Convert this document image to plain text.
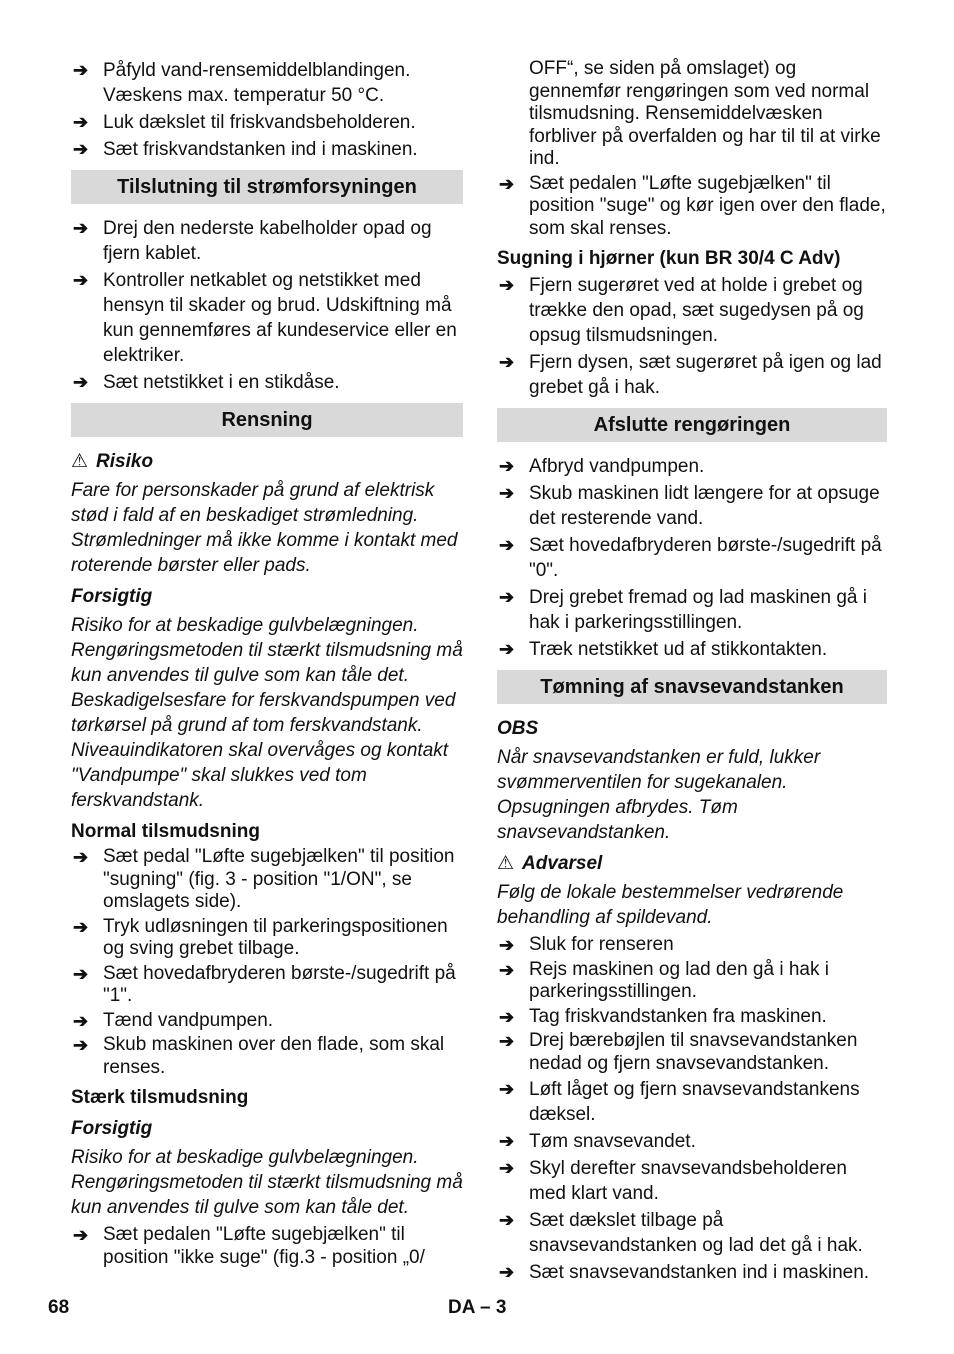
➔ Påfyld vand-rensemiddelblandingen. Væskens max. temperatur 50 °C.
➔ Luk dækslet til friskvandsbeholderen.
➔ Sæt friskvandstanken ind i maskinen.
Tilslutning til strømforsyningen
➔ Drej den nederste kabelholder opad og fjern kablet.
➔ Kontroller netkablet og netstikket med hensyn til skader og brud. Udskiftning må kun gennemføres af kundeservice eller en elektriker.
➔ Sæt netstikket i en stikdåse.
Rensning
⚠ Risiko

Fare for personskader på grund af elektrisk stød i fald af en beskadiget strømledning. Strømledninger må ikke komme i kontakt med roterende børster eller pads.

Forsigtig

Risiko for at beskadige gulvbelægningen. Rengøringsmetoden til stærkt tilsmudsning må kun anvendes til gulve som kan tåle det. Beskadigelsesfare for ferskvandspumpen ved tørkørsel på grund af tom ferskvandstank. Niveauindikatoren skal overvåges og kontakt "Vandpumpe" skal slukkes ved tom ferskvandstank.

Normal tilsmudsning
➔ Sæt pedal "Løfte sugebjælken" til position "sugning" (fig. 3 - position "1/ON", se omslagets side).
➔ Tryk udløsningen til parkeringspositionen og sving grebet tilbage.
➔ Sæt hovedafbryderen børste-/sugedrift på "1".
➔ Tænd vandpumpen.
➔ Skub maskinen over den flade, som skal renses.
Stærk tilsmudsning
Forsigtig

Risiko for at beskadige gulvbelægningen. Rengøringsmetoden til stærkt tilsmudsning må kun anvendes til gulve som kan tåle det.

➔ Sæt pedalen "Løfte sugebjælken" til position "ikke suge" (fig.3 - position „0/
OFF“, se siden på omslaget) og gennemfør rengøringen som ved normal tilsmudsning. Rensemiddelvæsken forbliver på overfalden og har til til at virke ind.
➔ Sæt pedalen "Løfte sugebjælken" til position "suge" og kør igen over den flade, som skal renses.
Sugning i hjørner (kun BR 30/4 C Adv)
➔ Fjern sugerøret ved at holde i grebet og trække den opad, sæt sugedysen på og opsug tilsmudsningen.
➔ Fjern dysen, sæt sugerøret på igen og lad grebet gå i hak.
Afslutte rengøringen
➔ Afbryd vandpumpen.
➔ Skub maskinen lidt længere for at opsuge det resterende vand.
➔ Sæt hovedafbryderen børste-/sugedrift på "0".
➔ Drej grebet fremad og lad maskinen gå i hak i parkeringsstillingen.
➔ Træk netstikket ud af stikkontakten.
Tømning af snavsevandstanken
OBS

Når snavsevandstanken er fuld, lukker svømmerventilen for sugekanalen. Opsugningen afbrydes. Tøm snavsevandstanken.

⚠ Advarsel

Følg de lokale bestemmelser vedrørende behandling af spildevand.

➔ Sluk for renseren
➔ Rejs maskinen og lad den gå i hak i parkeringsstillingen.
➔ Tag friskvandstanken fra maskinen.
➔ Drej bærebøjlen til snavsevandstanken nedad og fjern snavsevandstanken.
➔ Løft låget og fjern snavsevandstankens dæksel.
➔ Tøm snavsevandet.
➔ Skyl derefter snavsevandsbeholderen med klart vand.
➔ Sæt dækslet tilbage på snavsevandstanken og lad det gå i hak.
➔ Sæt snavsevandstanken ind i maskinen.
68	DA – 3
